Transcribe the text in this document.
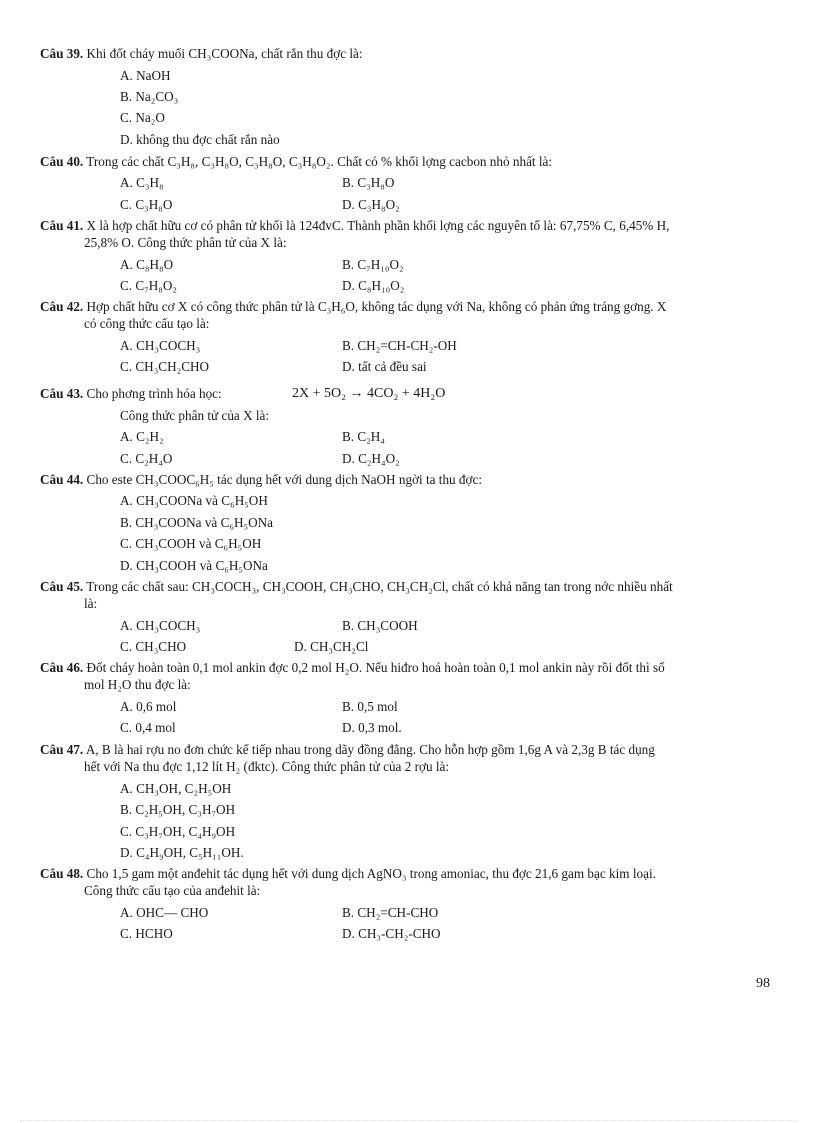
Câu 39. Khi đốt cháy muối CH₃COONa, chất rắn thu đợc là:
A. NaOH
B. Na₂CO₃
C. Na₂O
D. không thu đợc chất rắn nào
Câu 40. Trong các chất C₃H₈, C₃H₈O, C₃H₈O, C₃H₈O₂. Chất có % khối lợng cacbon nhỏ nhất là:
A. C₃H₈	B. C₃H₈O
C. C₃H₈O	D. C₃H₈O₂
Câu 41. X là hợp chất hữu cơ có phân tử khối là 124đvC. Thành phần khối lợng các nguyên tố là: 67,75% C, 6,45% H,
25,8% O. Công thức phân tử của X là:
A. C₈H₈O	B. C₇H₁₀O₂
C. C₇H₈O₂	D. C₈H₁₀O₂
Câu 42. Hợp chất hữu cơ X có công thức phân tử là C₃H₆O, không tác dụng với Na, không có phản ứng tráng gơng. X
có công thức cấu tạo là:
A. CH₃COCH₃	B. CH₂=CH-CH₂-OH
C. CH₃CH₂CHO	D. tất cả đều sai
Câu 43. Cho phơng trình hóa học:	2X + 5O₂ → 4CO₂ + 4H₂O
Công thức phân tử của X là:
A. C₂H₂	B. C₂H₄
C. C₂H₄O	D. C₂H₄O₂
Câu 44. Cho este CH₃COOC₆H₅ tác dụng hết với dung dịch NaOH ngời ta thu đợc:
A. CH₃COONa và C₆H₅OH
B. CH₃COONa và C₆H₅ONa
C. CH₃COOH và C₆H₅OH
D. CH₃COOH và C₆H₅ONa
Câu 45. Trong các chất sau: CH₃COCH₃, CH₃COOH, CH₃CHO, CH₃CH₂Cl, chất có khả năng tan trong nớc nhiều nhất
là:
A. CH₃COCH₃	B. CH₃COOH
C. CH₃CHO	D. CH₃CH₂Cl
Câu 46. Đốt cháy hoàn toàn 0,1 mol ankin đợc 0,2 mol H₂O. Nếu hiđro hoá hoàn toàn 0,1 mol ankin này rồi đốt thì số
mol H₂O thu đợc là:
A. 0,6 mol	B. 0,5 mol
C. 0,4 mol	D. 0,3 mol.
Câu 47. A, B là hai rợu no đơn chức kế tiếp nhau trong dãy đồng đẳng. Cho hỗn hợp gồm 1,6g A và 2,3g B tác dụng
hết với Na thu đợc 1,12 lít H₂ (đktc). Công thức phân tử của 2 rợu là:
A. CH₃OH, C₂H₅OH
B. C₂H₅OH, C₃H₇OH
C. C₃H₇OH, C₄H₉OH
D. C₄H₉OH, C₅H₁₁OH.
Câu 48. Cho 1,5 gam một anđehit tác dụng hết với dung dịch AgNO₃ trong amoniac, thu đợc 21,6 gam bạc kim loại.
Công thức cấu tạo của anđehit là:
A. OHC— CHO	B. CH₂=CH-CHO
C. HCHO	D. CH₃-CH₂-CHO
98
